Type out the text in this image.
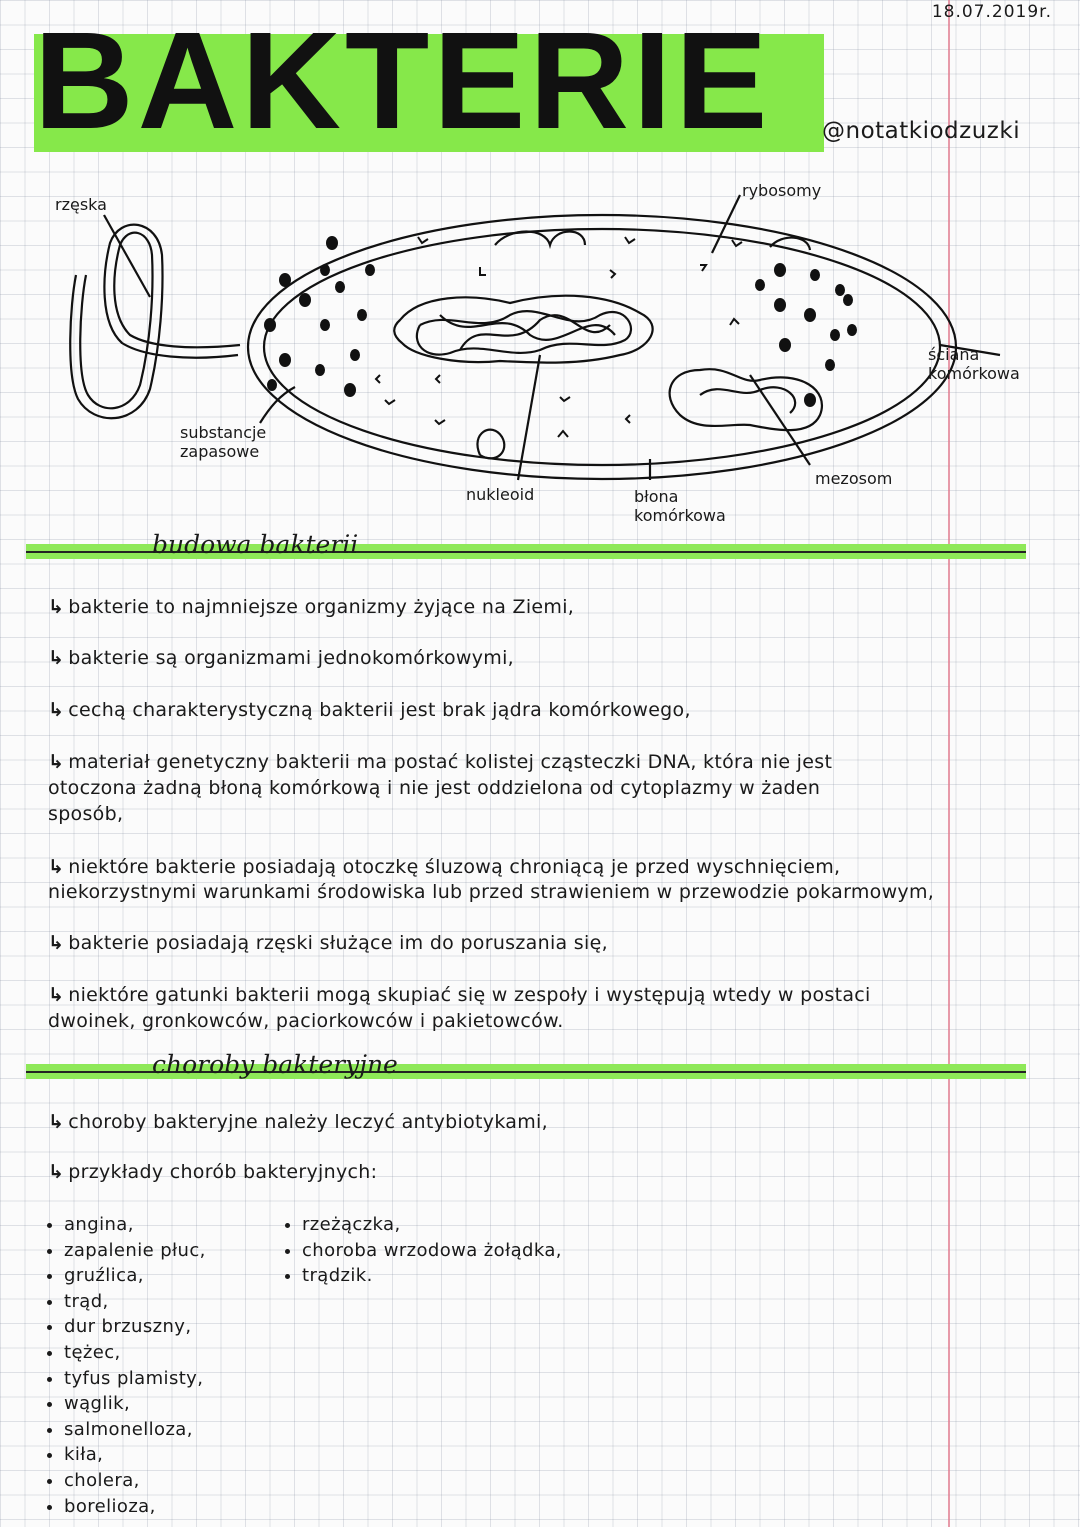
18.07.2019r.
BAKTERIE @notatkiodzuzki
rzęska
rybosomy
ściana komórkowa
substancje zapasowe
nukleoid	błona komórkowa
mezosom
budowa bakterii
↳ bakterie to najmniejsze organizmy żyjące na Ziemi,
↳ bakterie są organizmami jednokomórkowymi,
↳ cechą charakterystyczną bakterii jest brak jądra komórkowego,
↳ materiał genetyczny bakterii ma postać kolistej cząsteczki DNA, która nie jest
otoczona żadną błoną komórkową i nie jest oddzielona od cytoplazmy w żaden
sposób,
↳ niektóre bakterie posiadają otoczkę śluzową chroniącą je przed wyschnięciem,
niekorzystnymi warunkami środowiska lub przed strawieniem w przewodzie pokarmowym,
↳ bakterie posiadają rzęski służące im do poruszania się,
↳ niektóre gatunki bakterii mogą skupiać się w zespoły i występują wtedy w postaci
dwoinek, gronkowców, paciorkowców i pakietowców.
choroby bakteryjne
↳ choroby bakteryjne należy leczyć antybiotykami,
↳ przykłady chorób bakteryjnych:
• angina,
• zapalenie płuc,
• gruźlica,
• trąd,
• dur brzuszny,
• tężec,
• tyfus plamisty,
• wąglik,
• salmonelloza,
• kiła,
• cholera,
• borelioza,
• rzeżączka,
• choroba wrzodowa żołądka,
• trądzik.
